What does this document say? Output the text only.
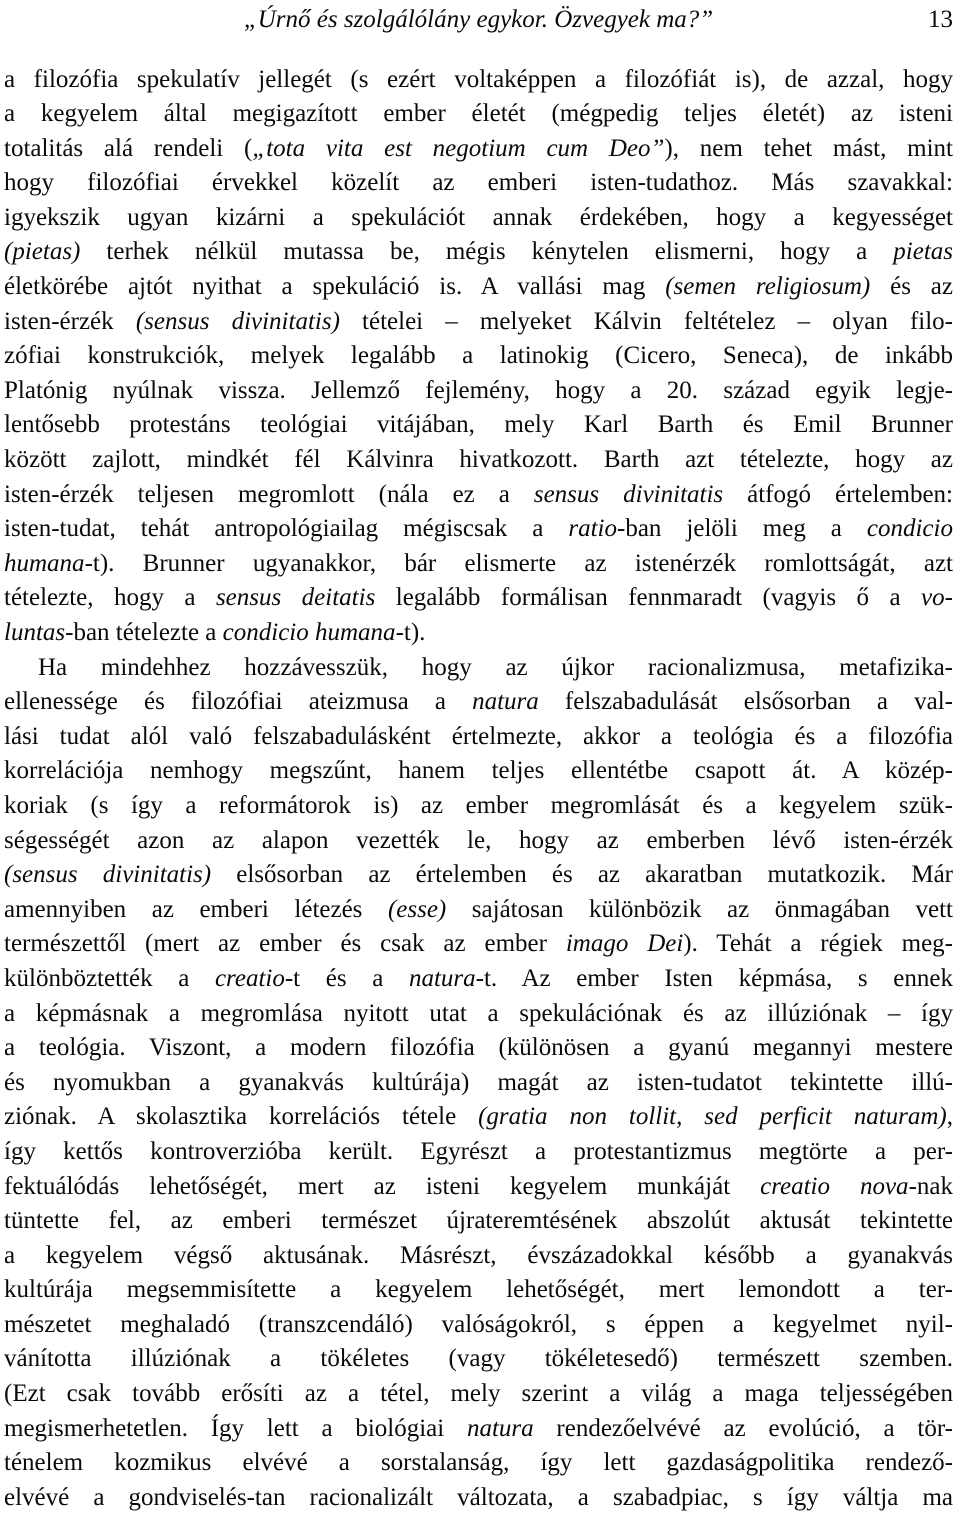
„Úrnő és szolgálólány egykor. Özvegyek ma?”	13
a filozófia spekulatív jellegét (s ezért voltaképpen a filozófiát is), de azzal, hogy
a kegyelem által megigazított ember életét (mégpedig teljes életét) az isteni
totalitás alá rendeli („tota vita est negotium cum Deo”), nem tehet mást, mint
hogy filozófiai érvekkel közelít az emberi isten-tudathoz. Más szavakkal:
igyekszik ugyan kizárni a spekulációt annak érdekében, hogy a kegyességet
(pietas) terhek nélkül mutassa be, mégis kénytelen elismerni, hogy a pietas
életkörébe ajtót nyithat a spekuláció is. A vallási mag (semen religiosum) és az
isten-érzék (sensus divinitatis) tételei – melyeket Kálvin feltételez – olyan filo-
zófiai konstrukciók, melyek legalább a latinokig (Cicero, Seneca), de inkább
Platónig nyúlnak vissza. Jellemző fejlemény, hogy a 20. század egyik legje-
lentősebb protestáns teológiai vitájában, mely Karl Barth és Emil Brunner
között zajlott, mindkét fél Kálvinra hivatkozott. Barth azt tételezte, hogy az
isten-érzék teljesen megromlott (nála ez a sensus divinitatis átfogó értelemben:
isten-tudat, tehát antropológiailag mégiscsak a ratio-ban jelöli meg a condicio
humana-t). Brunner ugyanakkor, bár elismerte az istenérzék romlottságát, azt
tételezte, hogy a sensus deitatis legalább formálisan fennmaradt (vagyis ő a vo-
luntas-ban tételezte a condicio humana-t).
Ha mindehhez hozzávesszük, hogy az újkor racionalizmusa, metafizika-
ellenessége és filozófiai ateizmusa a natura felszabadulását elsősorban a val-
lási tudat alól való felszabadulásként értelmezte, akkor a teológia és a filozófia
korrelációja nemhogy megszűnt, hanem teljes ellentétbe csapott át. A közép-
koriak (s így a reformátorok is) az ember megromlását és a kegyelem szük-
ségességét azon az alapon vezették le, hogy az emberben lévő isten-érzék
(sensus divinitatis) elsősorban az értelemben és az akaratban mutatkozik. Már
amennyiben az emberi létezés (esse) sajátosan különbözik az önmagában vett
természettől (mert az ember és csak az ember imago Dei). Tehát a régiek meg-
különböztették a creatio-t és a natura-t. Az ember Isten képmása, s ennek
a képmásnak a megromlása nyitott utat a spekulációnak és az illúziónak – így
a teológia. Viszont, a modern filozófia (különösen a gyanú megannyi mestere
és nyomukban a gyanakvás kultúrája) magát az isten-tudatot tekintette illú-
ziónak. A skolasztika korrelációs tétele (gratia non tollit, sed perficit naturam),
így kettős kontroverzióba került. Egyrészt a protestantizmus megtörte a per-
fektuálódás lehetőségét, mert az isteni kegyelem munkáját creatio nova-nak
tüntette fel, az emberi természet újrateremtésének abszolút aktusát tekintette
a kegyelem végső aktusának. Másrészt, évszázadokkal később a gyanakvás
kultúrája megsemmisítette a kegyelem lehetőségét, mert lemondott a ter-
mészetet meghaladó (transzcendáló) valóságokról, s éppen a kegyelmet nyil-
vánította illúziónak a tökéletes (vagy tökéletesedő) természett szemben.
(Ezt csak tovább erősíti az a tétel, mely szerint a világ a maga teljességében
megismerhetetlen. Így lett a biológiai natura rendezőelvévé az evolúció, a tör-
ténelem kozmikus elvévé a sorstalanság, így lett gazdaságpolitika rendező-
elvévé a gondviselés-tan racionalizált változata, a szabadpiac, s így váltja ma
